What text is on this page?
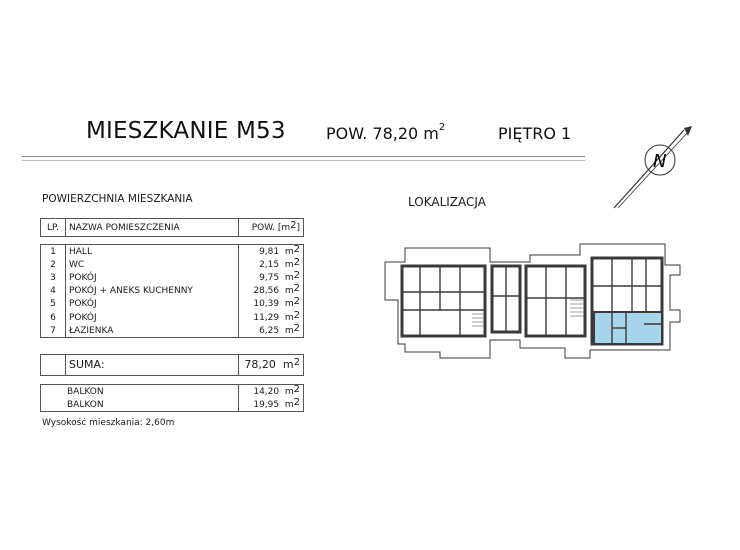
MIESZKANIE M53	POW. 78,20 $m^2$	PIĘTRO 1
N
POWIERZCHNIA MIESZKANIA	LOKALIZACJA
LP.	NAZWA POMIESZCZENIA	POW. [m2]
1	HALL	9,81 m2
2	WC	2,15 m2
3	POKÓJ	9,75 m2
4	POKÓJ + ANEKS KUCHENNY	28,56 m2
5	POKÓJ	10,39 m2
6	POKÓJ	11,29 m2
7	ŁAZIENKA	6,25 m2
	SUMA:	78,20 m2
BALKON	14,20 m2
BALKON	19,95 m2
Wysokość mieszkania: 2,60m
